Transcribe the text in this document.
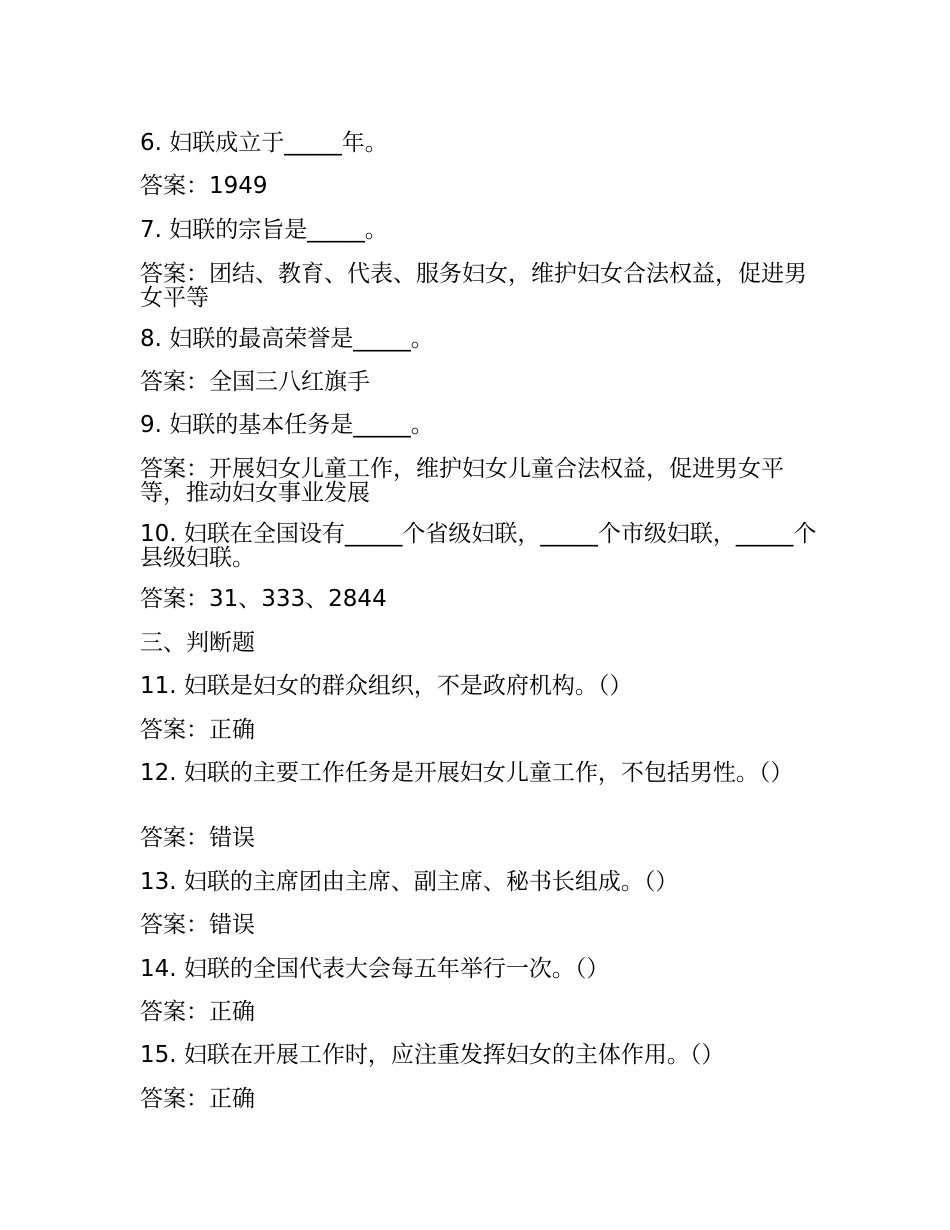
6. 妇联成立于_____年。
答案：1949
7. 妇联的宗旨是_____。
答案：团结、教育、代表、服务妇女，维护妇女合法权益，促进男女平等
8. 妇联的最高荣誉是_____。
答案：全国三八红旗手
9. 妇联的基本任务是_____。
答案：开展妇女儿童工作，维护妇女儿童合法权益，促进男女平等，推动妇女事业发展
10. 妇联在全国设有_____个省级妇联，_____个市级妇联，_____个县级妇联。
答案：31、333、2844
三、判断题
11. 妇联是妇女的群众组织，不是政府机构。（）
答案：正确
12. 妇联的主要工作任务是开展妇女儿童工作，不包括男性。（）
答案：错误
13. 妇联的主席团由主席、副主席、秘书长组成。（）
答案：错误
14. 妇联的全国代表大会每五年举行一次。（）
答案：正确
15. 妇联在开展工作时，应注重发挥妇女的主体作用。（）
答案：正确
